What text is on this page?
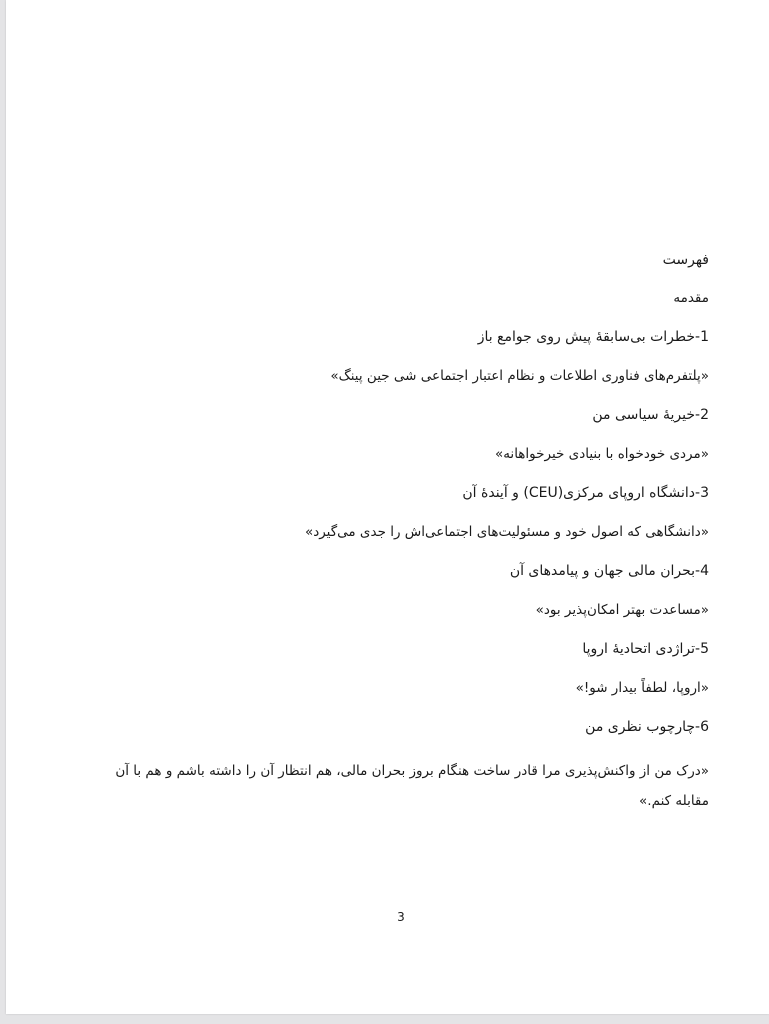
فهرست
مقدمه
1-خطرات بی‌سابقهٔ پیش روی جوامع باز
«پلتفرم‌های فناوری اطلاعات و نظام اعتبار اجتماعی شی جین پینگ»
2-خیریهٔ سیاسی من
«مردی خودخواه با بنیادی خیرخواهانه»
3-دانشگاه اروپای مرکزی(CEU) و آیندهٔ آن
«دانشگاهی که اصول خود و مسئولیت‌های اجتماعی‌اش را جدی می‌گیرد»
4-بحران مالی جهان و پیامدهای آن
«مساعدت بهتر امکان‌پذیر بود»
5-تراژدی اتحادیهٔ اروپا
«اروپا، لطفاً بیدار شو!»
6-چارچوب نظری من
«درک من از واکنش‌پذیری مرا قادر ساخت هنگام بروز بحران مالی، هم انتظار آن را داشته باشم و هم با آن مقابله کنم.»
3
